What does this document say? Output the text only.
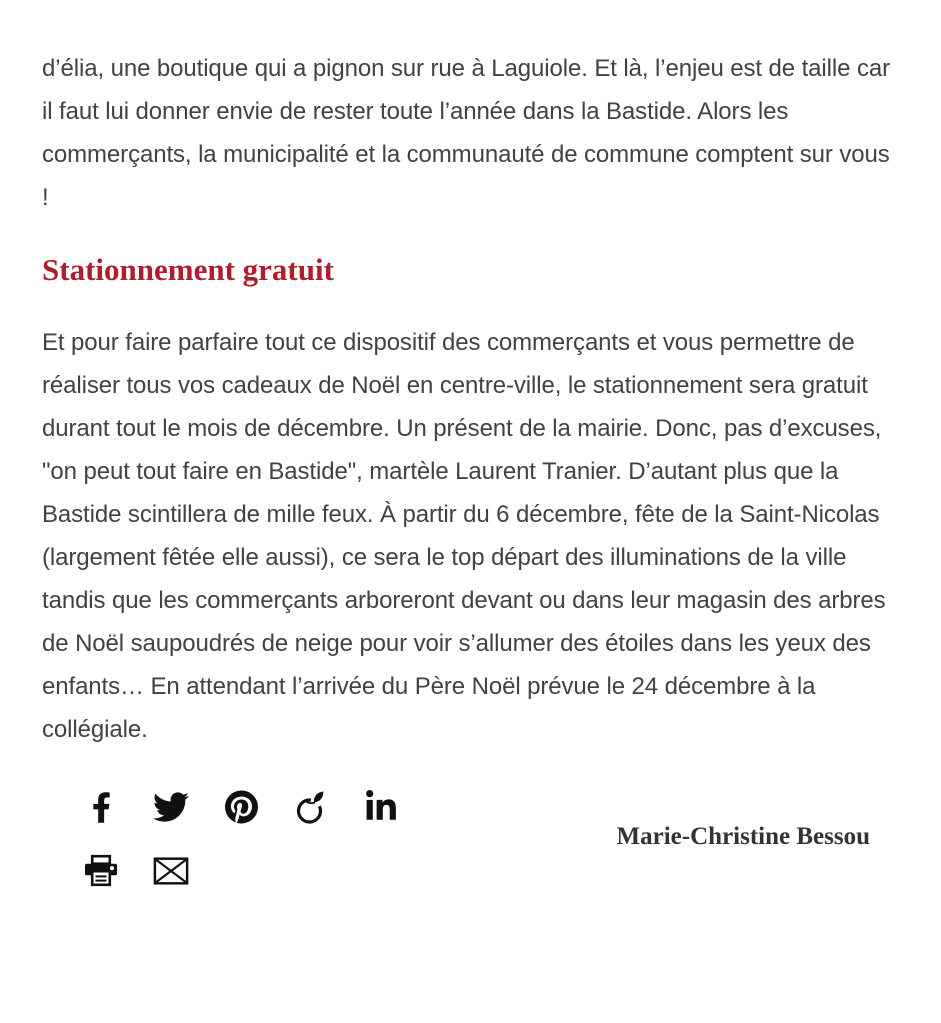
d’élia, une boutique qui a pignon sur rue à Laguiole. Et là, l’enjeu est de taille car il faut lui donner envie de rester toute l’année dans la Bastide. Alors les commerçants, la municipalité et la communauté de commune comptent sur vous !

Stationnement gratuit

Et pour faire parfaire tout ce dispositif des commerçants et vous permettre de réaliser tous vos cadeaux de Noël en centre-ville, le stationnement sera gratuit durant tout le mois de décembre. Un présent de la mairie. Donc, pas d’excuses, "on peut tout faire en Bastide", martèle Laurent Tranier. D’autant plus que la Bastide scintillera de mille feux. À partir du 6 décembre, fête de la Saint-Nicolas (largement fêtée elle aussi), ce sera le top départ des illuminations de la ville tandis que les commerçants arboreront devant ou dans leur magasin des arbres de Noël saupoudrés de neige pour voir s’allumer des étoiles dans les yeux des enfants… En attendant l’arrivée du Père Noël prévue le 24 décembre à la collégiale.

Marie-Christine Bessou
